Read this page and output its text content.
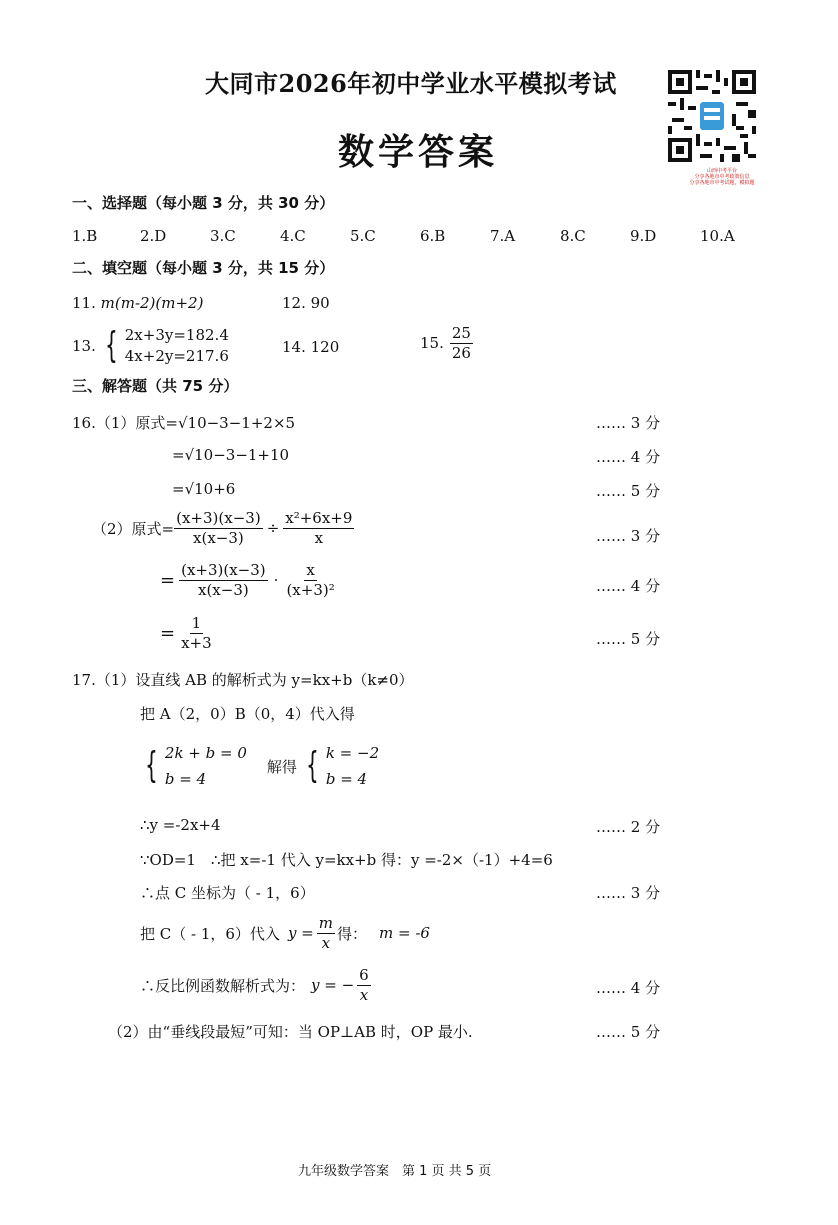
大同市2026年初中学业水平模拟考试
数学答案	山西中考平台
分享各地市中考政策信息
分享各地市中考试题，模拟题
一、选择题（每小题 3 分，共 30 分）
1.B	2.D	3.C	4.C	5.C	6.B	7.A	8.C	9.D	10.A
二、填空题（每小题 3 分，共 15 分）
11. m(m-2)(m+2)	12. 90
13. { 2x+3y=182.4
4x+2y=217.6	14. 120	15. $\frac{25}{26}$
三、解答题（共 75 分）
16.（1）原式=√10−3−1+2×5	…… 3 分
=√10−3−1+10	…… 4 分
=√10+6	…… 5 分
（2）原式= $\frac{(x+3)(x-3)}{x(x-3)} \div \frac{\text{x²+6x+9}}{x}$	…… 3 分
= $\frac{(x+3)(x-3)}{x(x-3)} \cdot \frac{x}{\text{(x+3)²}}$	…… 4 分
= $\frac{1}{x+3}$	…… 5 分
17.（1）设直线 AB 的解析式为 y=kx+b（k≠0）
把 A（2，0）B（0，4）代入得
{ 2k + b = 0
b = 4
解得 { k = −2
b = 4
∴y =-2x+4	…… 2 分
∵OD=1　∴把 x=-1 代入 y=kx+b 得：y =-2×（-1）+4=6
∴点 C 坐标为（ - 1，6）	…… 3 分
把 C（ - 1，6）代入 $y = \frac{m}{x}$ 得： m = -6
∴反比例函数解析式为： y = − $\frac{6}{x}$	…… 4 分
（2）由“垂线段最短”可知：当 OP⊥AB 时，OP 最小.	…… 5 分
九年级数学答案　第 1 页 共 5 页
